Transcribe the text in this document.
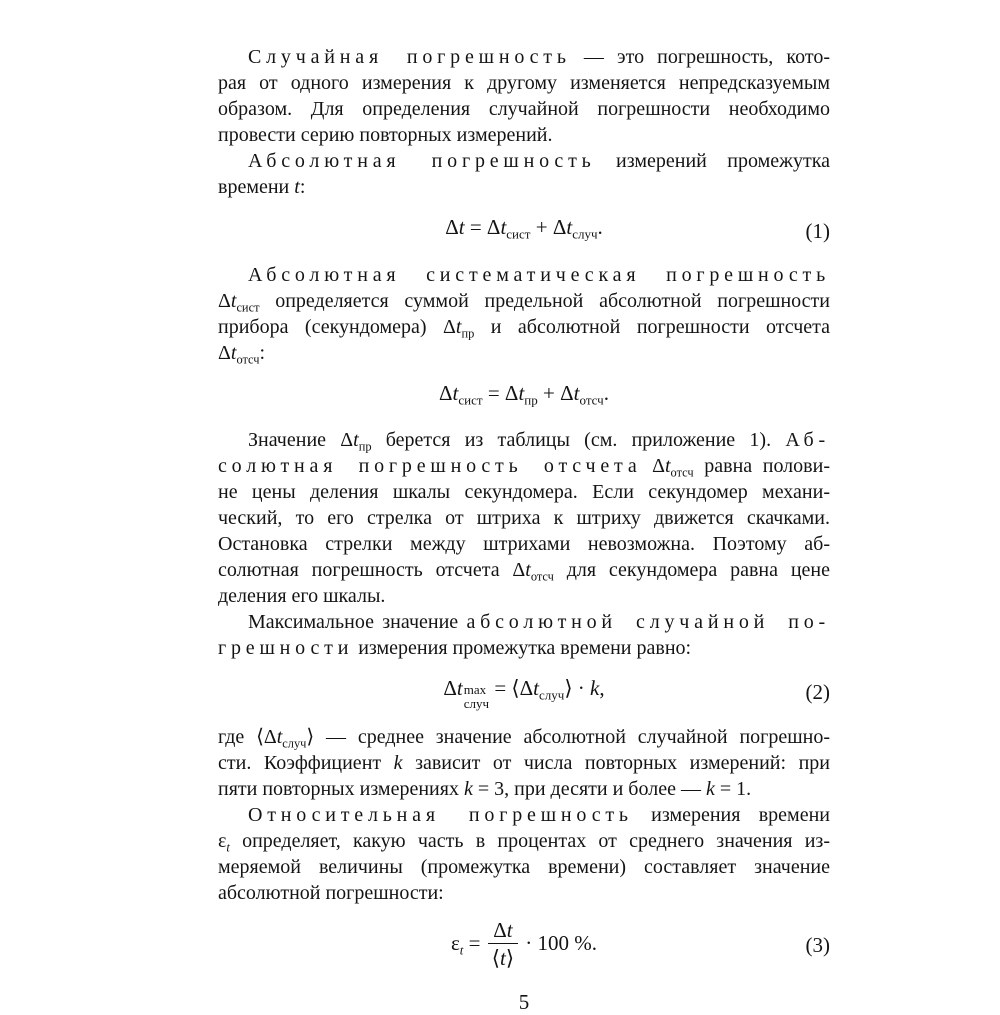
Случайная погрешность — это погрешность, кото-
рая от одного измерения к другому изменяется непредсказуемым
образом. Для определения случайной погрешности необходимо
провести серию повторных измерений.
Абсолютная погрешность измерений промежутка
времени t:
$\Delta t = \Delta t_{сист} + \Delta t_{случ}$.	(1)
Абсолютная систематическая погрешность
$\Delta t_{сист}$ определяется суммой предельной абсолютной погрешности
прибора (секундомера) $\Delta t_{пр}$ и абсолютной погрешности отсчета
$\Delta t_{отсч}$:
$\Delta t_{сист} = \Delta t_{пр} + \Delta t_{отсч}$.
Значение $\Delta t_{пр}$ берется из таблицы (см. приложение 1). Аб-
солютная погрешность отсчета $\Delta t_{отсч}$ равна полови-
не цены деления шкалы секундомера. Если секундомер механи-
ческий, то его стрелка от штриха к штриху движется скачками.
Остановка стрелки между штрихами невозможна. Поэтому аб-
солютная погрешность отсчета $\Delta t_{отсч}$ для секундомера равна цене
деления его шкалы.
Максимальное значение абсолютной случайной по-
грешности измерения промежутка времени равно:
Δt max
случ
= $⟨\Delta t_{случ}⟩ \cdot k$,	(2)
где $⟨\Delta t_{случ}⟩$ — среднее значение абсолютной случайной погрешно-
сти. Коэффициент k зависит от числа повторных измерений: при
пяти повторных измерениях k = 3, при десяти и более — k = 1.
Относительная погрешность измерения времени
$\varepsilon_t$ определяет, какую часть в процентах от среднего значения из-
меряемой величины (промежутка времени) составляет значение
абсолютной погрешности:
$\varepsilon_t = \frac{\Delta t}{⟨t⟩} \cdot 100$ %.	(3)
5
